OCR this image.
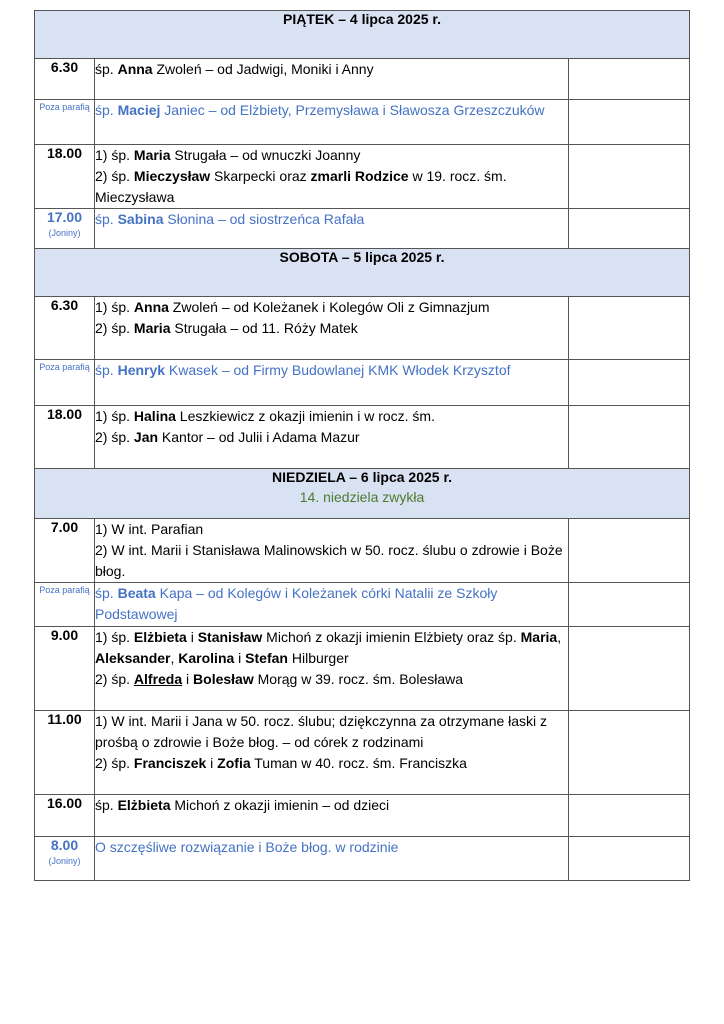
PIĄTEK – 4 lipca 2025 r.		
6.30	śp. Anna Zwoleń – od Jadwigi, Moniki i Anny	

Poza parafią	śp. Maciej Janiec – od Elżbiety, Przemysława i Sławosza Grzeszczuków	

18.00	1) śp. Maria Strugała – od wnuczki Joanny
2) śp. Mieczysław Skarpecki oraz zmarli Rodzice w 19. rocz. śm. Mieczysława	

17.00
(Joniny)	śp. Sabina Słonina – od siostrzeńca Rafała	

SOBOTA – 5 lipca 2025 r.		
6.30	1) śp. Anna Zwoleń – od Koleżanek i Kolegów Oli z Gimnazjum
2) śp. Maria Strugała – od 11. Róży Matek	

Poza parafią	śp. Henryk Kwasek – od Firmy Budowlanej KMK Włodek Krzysztof	

18.00	1) śp. Halina Leszkiewicz z okazji imienin i w rocz. śm.
2) śp. Jan Kantor – od Julii i Adama Mazur	

NIEDZIELA – 6 lipca 2025 r.
14. niedziela zwykła		

7.00	1) W int. Parafian
2) W int. Marii i Stanisława Malinowskich w 50. rocz. ślubu o zdrowie i Boże błog.	

Poza parafią	śp. Beata Kapa – od Kolegów i Koleżanek córki Natalii ze Szkoły Podstawowej	

9.00	1) śp. Elżbieta i Stanisław Michoń z okazji imienin Elżbiety oraz śp. Maria, Aleksander, Karolina i Stefan Hilburger
2) śp. Alfreda i Bolesław Morąg w 39. rocz. śm. Bolesława	

11.00	1) W int. Marii i Jana w 50. rocz. ślubu; dziękczynna za otrzymane łaski z prośbą o zdrowie i Boże błog. – od córek z rodzinami
2) śp. Franciszek i Zofia Tuman w 40. rocz. śm. Franciszka	

16.00	śp. Elżbieta Michoń z okazji imienin – od dzieci	

8.00
(Joniny)	O szczęśliwe rozwiązanie i Boże błog. w rodzinie	
